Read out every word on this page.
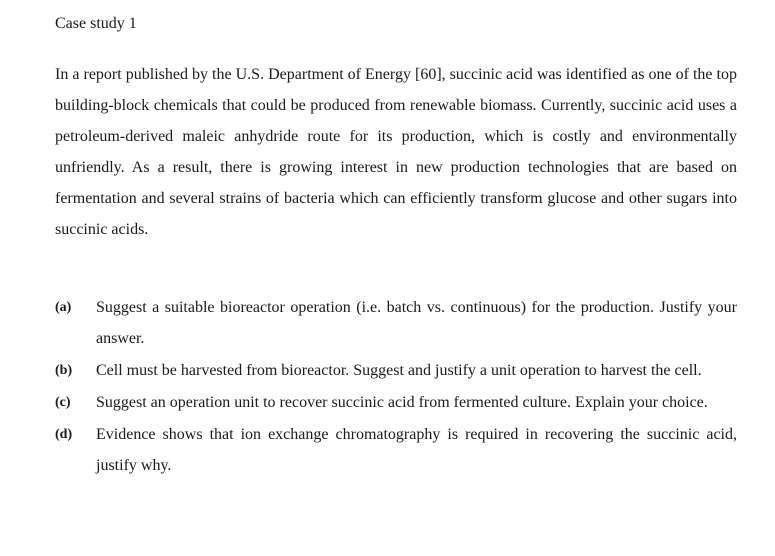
Case study 1

In a report published by the U.S. Department of Energy [60], succinic acid was identified as one of the top building-block chemicals that could be produced from renewable biomass. Currently, succinic acid uses a petroleum-derived maleic anhydride route for its production, which is costly and environmentally unfriendly. As a result, there is growing interest in new production technologies that are based on fermentation and several strains of bacteria which can efficiently transform glucose and other sugars into succinic acids.

(a)	Suggest a suitable bioreactor operation (i.e. batch vs. continuous) for the production. Justify your answer.
(b)	Cell must be harvested from bioreactor. Suggest and justify a unit operation to harvest the cell.
(c)	Suggest an operation unit to recover succinic acid from fermented culture. Explain your choice.
(d)	Evidence shows that ion exchange chromatography is required in recovering the succinic acid, justify why.
